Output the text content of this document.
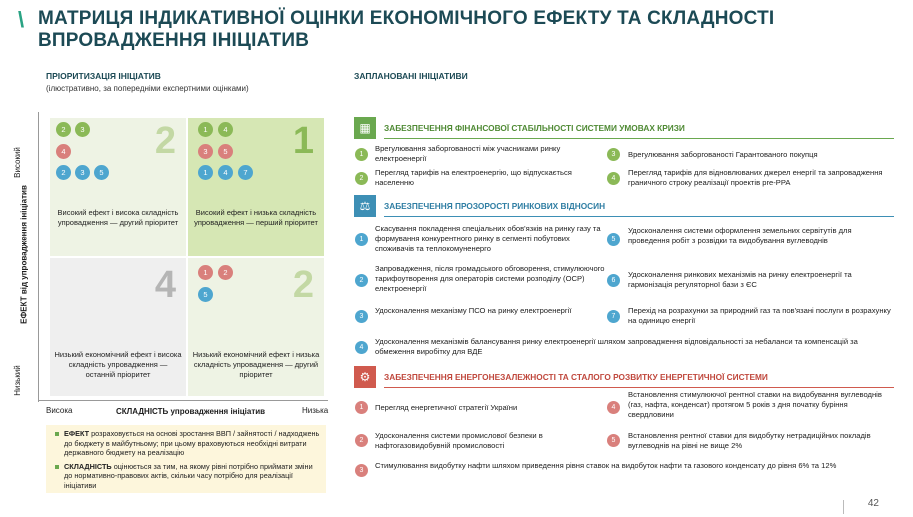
\ МАТРИЦЯ ІНДИКАТИВНОЇ ОЦІНКИ ЕКОНОМІЧНОГО ЕФЕКТУ ТА СКЛАДНОСТІ ВПРОВАДЖЕННЯ ІНІЦІАТИВ
ПРІОРИТИЗАЦІЯ ІНІЦІАТИВ
(ілюстративно, за попередніми експертними оцінками)
Високий
ЕФЕКТ від упровадження ініціатив
Низький
2
2	3
4
2	3	5
Високий ефект і висока складність упровадження — другий пріоритет
1
1	4
3	5
1	4	7
Високий ефект і низька складність упровадження — перший пріоритет
4
Низький економічний ефект і висока складність упровадження — останній пріоритет
2
1	2
5
Низький економічний ефект і низька складність упровадження — другий пріоритет
Висока	СКЛАДНІСТЬ упровадження ініціатив	Низька

ЕФЕКТ розраховується на основі зростання ВВП / зайнятості / надходжень до бюджету в майбутньому; при цьому враховуються необхідні витрати державного бюджету на реалізацію

СКЛАДНІСТЬ оцінюється за тим, на якому рівні потрібно приймати зміни до нормативно-правових актів, скільки часу потрібно для реалізації ініціативи

ЗАПЛАНОВАНІ ІНІЦІАТИВИ
▦	ЗАБЕЗПЕЧЕННЯ ФІНАНСОВОЇ СТАБІЛЬНОСТІ СИСТЕМИ УМОВАХ КРИЗИ
1
Врегулювання заборгованості між учасниками ринку електроенергії
2
Перегляд тарифів на електроенергію, що відпускається населенню
3	Врегулювання заборгованості Гарантованого покупця
4
Перегляд тарифів для відновлюваних джерел енергії та запровадження граничного строку реалізації проектів pre-PPA
⚖	ЗАБЕЗПЕЧЕННЯ ПРОЗОРОСТІ РИНКОВИХ ВІДНОСИН
1
Скасування покладення спеціальних обов'язків на ринку газу та формування конкурентного ринку в сегменті побутових споживачів та теплокомуненерго
2
Запровадження, після громадського обговорення, стимулюючого тарифоутворення для операторів системи розподілу (ОСР) електроенергії
3
Удосконалення механізму ПСО на ринку електроенергії
4
Удосконалення механізмів балансування ринку електроенергії шляхом запровадження відповідальності за небаланси та компенсацій за обмеження виробітку для ВДЕ
5
Удосконалення системи оформлення земельних сервітутів для проведення робіт з розвідки та видобування вуглеводнів
6
Удосконалення ринкових механізмів на ринку електроенергії та гармонізація регуляторної бази з ЄС
7
Перехід на розрахунки за природний газ та пов'язані послуги в розрахунку на одиницю енергії
⚙	ЗАБЕЗПЕЧЕННЯ ЕНЕРГОНЕЗАЛЕЖНОСТІ ТА СТАЛОГО РОЗВИТКУ ЕНЕРГЕТИЧНОЇ СИСТЕМИ
1	Перегляд енергетичної стратегії України
2
Удосконалення системи промислової безпеки в нафтогазовидобувній промисловості
3
Стимулювання видобутку нафти шляхом приведення рівня ставок на видобуток нафти та газового конденсату до рівня 6% та 12%
4
Встановлення стимулюючої рентної ставки на видобування вуглеводнів (газ, нафта, конденсат) протягом 5 років з дня початку буріння свердловини
5
Встановлення рентної ставки для видобутку нетрадиційних покладів вуглеводнів на рівні не вище 2%
42
